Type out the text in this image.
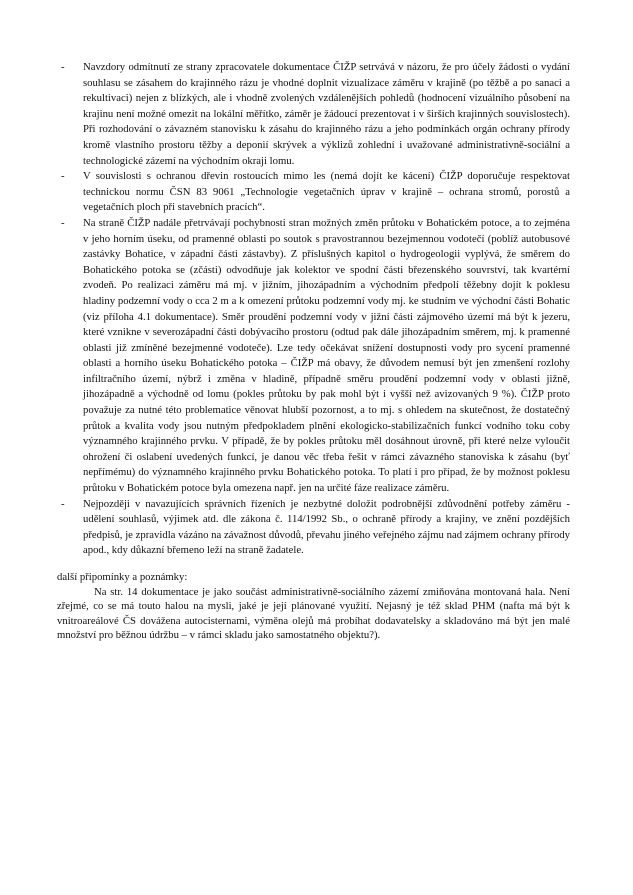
- Navzdory odmítnutí ze strany zpracovatele dokumentace ČIŽP setrvává v názoru, že pro účely žádosti o vydání souhlasu se zásahem do krajinného rázu je vhodné doplnit vizualizace záměru v krajině (po těžbě a po sanaci a rekultivaci) nejen z blízkých, ale i vhodně zvolených vzdálenějších pohledů (hodnocení vizuálního působení na krajinu není možné omezit na lokální měřítko, záměr je žádoucí prezentovat i v širších krajinných souvislostech). Při rozhodování o závazném stanovisku k zásahu do krajinného rázu a jeho podmínkách orgán ochrany přírody kromě vlastního prostoru těžby a deponií skrývek a výklizů zohlední i uvažované administrativně-sociální a technologické zázemí na východním okraji lomu.
- V souvislosti s ochranou dřevin rostoucích mimo les (nemá dojít ke kácení) ČIŽP doporučuje respektovat technickou normu ČSN 83 9061 „Technologie vegetačních úprav v krajině – ochrana stromů, porostů a vegetačních ploch při stavebních pracích“.
- Na straně ČIŽP nadále přetrvávají pochybnosti stran možných změn průtoku v Bohatickém potoce, a to zejména v jeho horním úseku, od pramenné oblasti po soutok s pravostrannou bezejmennou vodotečí (poblíž autobusové zastávky Bohatice, v západní části zástavby). Z příslušných kapitol o hydrogeologii vyplývá, že směrem do Bohatického potoka se (zčásti) odvodňuje jak kolektor ve spodní části březenského souvrství, tak kvartérní zvodeň. Po realizaci záměru má mj. v jižním, jihozápadním a východním předpolí těžebny dojít k poklesu hladiny podzemní vody o cca 2 m a k omezení průtoku podzemní vody mj. ke studním ve východní části Bohatic (viz příloha 4.1 dokumentace). Směr proudění podzemní vody v jižní části zájmového území má být k jezeru, které vznikne v severozápadní části dobývacího prostoru (odtud pak dále jihozápadním směrem, mj. k pramenné oblasti již zmíněné bezejmenné vodoteče). Lze tedy očekávat snížení dostupnosti vody pro sycení pramenné oblasti a horního úseku Bohatického potoka – ČIŽP má obavy, že důvodem nemusí být jen zmenšení rozlohy infiltračního území, nýbrž i změna v hladině, případně směru proudění podzemní vody v oblasti jižně, jihozápadně a východně od lomu (pokles průtoku by pak mohl být i vyšší než avizovaných 9 %). ČIŽP proto považuje za nutné této problematice věnovat hlubší pozornost, a to mj. s ohledem na skutečnost, že dostatečný průtok a kvalita vody jsou nutným předpokladem plnění ekologicko-stabilizačních funkcí vodního toku coby významného krajinného prvku. V případě, že by pokles průtoku měl dosáhnout úrovně, při které nelze vyloučit ohrožení či oslabení uvedených funkcí, je danou věc třeba řešit v rámci závazného stanoviska k zásahu (byť nepřímému) do významného krajinného prvku Bohatického potoka. To platí i pro případ, že by možnost poklesu průtoku v Bohatickém potoce byla omezena např. jen na určité fáze realizace záměru.
- Nejpozději v navazujících správních řízeních je nezbytné doložit podrobnější zdůvodnění potřeby záměru - udělení souhlasů, výjimek atd. dle zákona č. 114/1992 Sb., o ochraně přírody a krajiny, ve znění pozdějších předpisů, je zpravidla vázáno na závažnost důvodů, převahu jiného veřejného zájmu nad zájmem ochrany přírody apod., kdy důkazní břemeno leží na straně žadatele.

další připomínky a poznámky:

Na str. 14 dokumentace je jako součást administrativně-sociálního zázemí zmiňována montovaná hala. Není zřejmé, co se má touto halou na mysli, jaké je její plánované využití. Nejasný je též sklad PHM (nafta má být k vnitroareálové ČS dovážena autocisternami, výměna olejů má probíhat dodavatelsky a skladováno má být jen malé množství pro běžnou údržbu – v rámci skladu jako samostatného objektu?).
